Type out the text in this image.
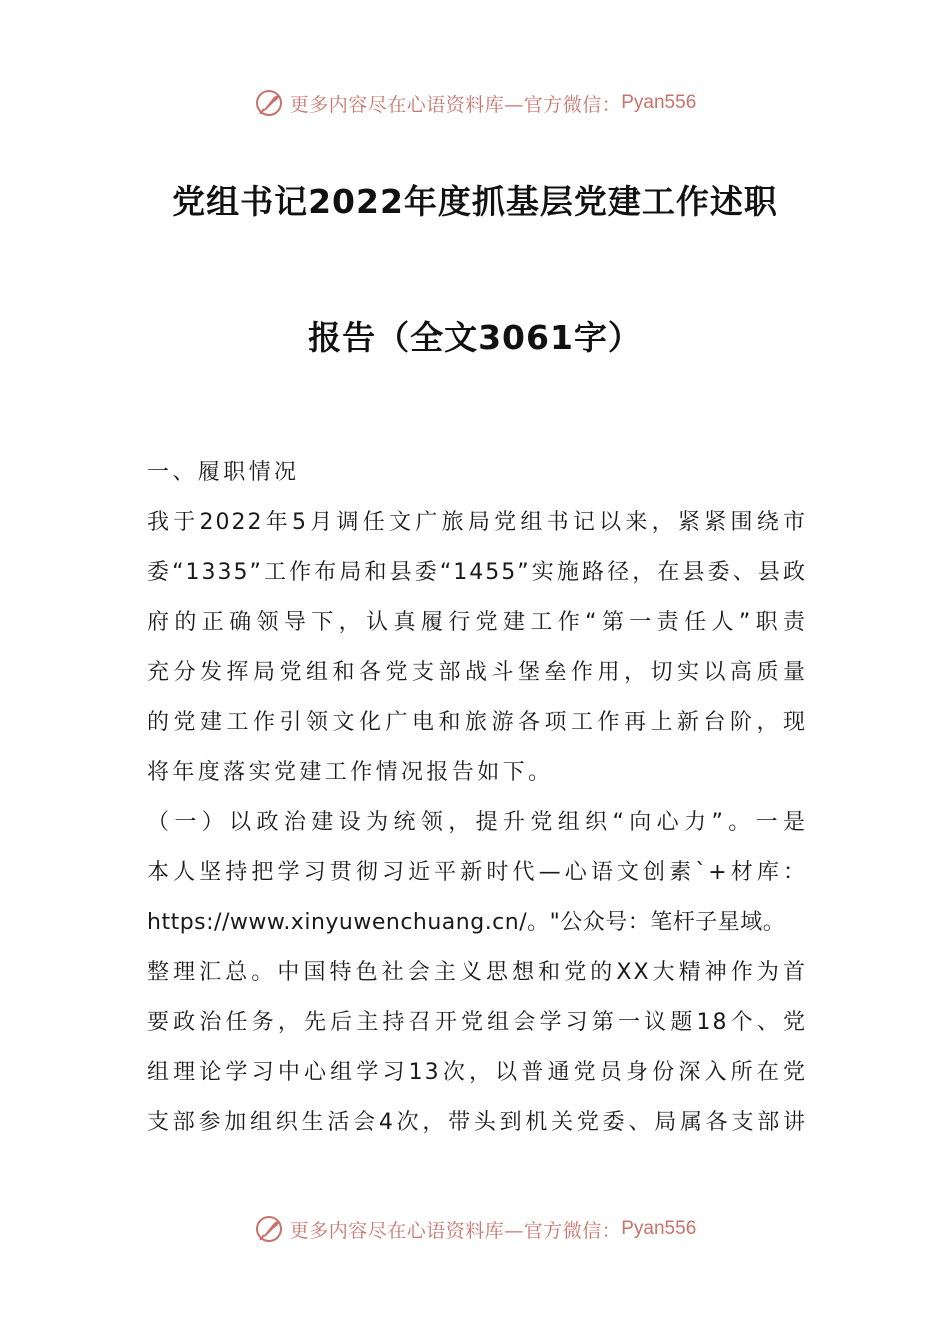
更多内容尽在心语资料库—官方微信： Pyan556
党组书记2022年度抓基层党建工作述职
报告（全文3061字）
一、履职情况
我于2022年5月调任文广旅局党组书记以来，紧紧围绕市
委“1335”工作布局和县委“1455”实施路径，在县委、县政
府的正确领导下，认真履行党建工作“第一责任人”职责
充分发挥局党组和各党支部战斗堡垒作用，切实以高质量
的党建工作引领文化广电和旅游各项工作再上新台阶，现
将年度落实党建工作情况报告如下。
（一）以政治建设为统领，提升党组织“向心力”。一是
本人坚持把学习贯彻习近平新时代—心语文创素`+材库：
https://www.xinyuwenchuang.cn/。"公众号：笔杆子星域。
整理汇总。中国特色社会主义思想和党的XX大精神作为首
要政治任务，先后主持召开党组会学习第一议题18个、党
组理论学习中心组学习13次，以普通党员身份深入所在党
支部参加组织生活会4次，带头到机关党委、局属各支部讲
更多内容尽在心语资料库—官方微信： Pyan556
